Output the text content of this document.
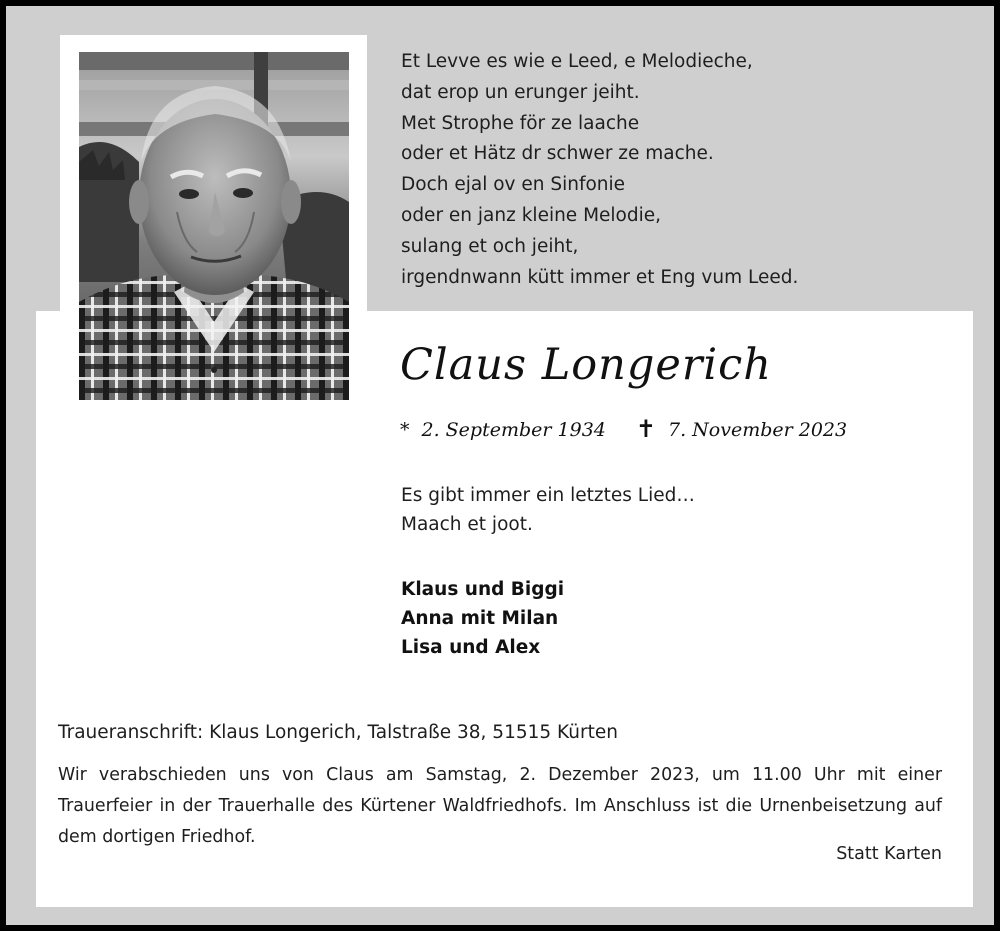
Et Levve es wie e Leed, e Melodieche,
dat erop un erunger jeiht.
Met Strophe för ze laache
oder et Hätz dr schwer ze mache.
Doch ejal ov en Sinfonie
oder en janz kleine Melodie,
sulang et och jeiht,
irgendnwann kütt immer et Eng vum Leed.
Claus Longerich
* 2. September 1934 ✝ 7. November 2023
Es gibt immer ein letztes Lied…
Maach et joot.
Klaus und Biggi
Anna mit Milan
Lisa und Alex
Traueranschrift: Klaus Longerich, Talstraße 38, 51515 Kürten
Wir verabschieden uns von Claus am Samstag, 2. Dezember 2023, um 11.00 Uhr mit einer Trauerfeier in der Trauerhalle des Kürtener Waldfriedhofs. Im Anschluss ist die Urnenbeisetzung auf dem dortigen Friedhof.
Statt Karten
